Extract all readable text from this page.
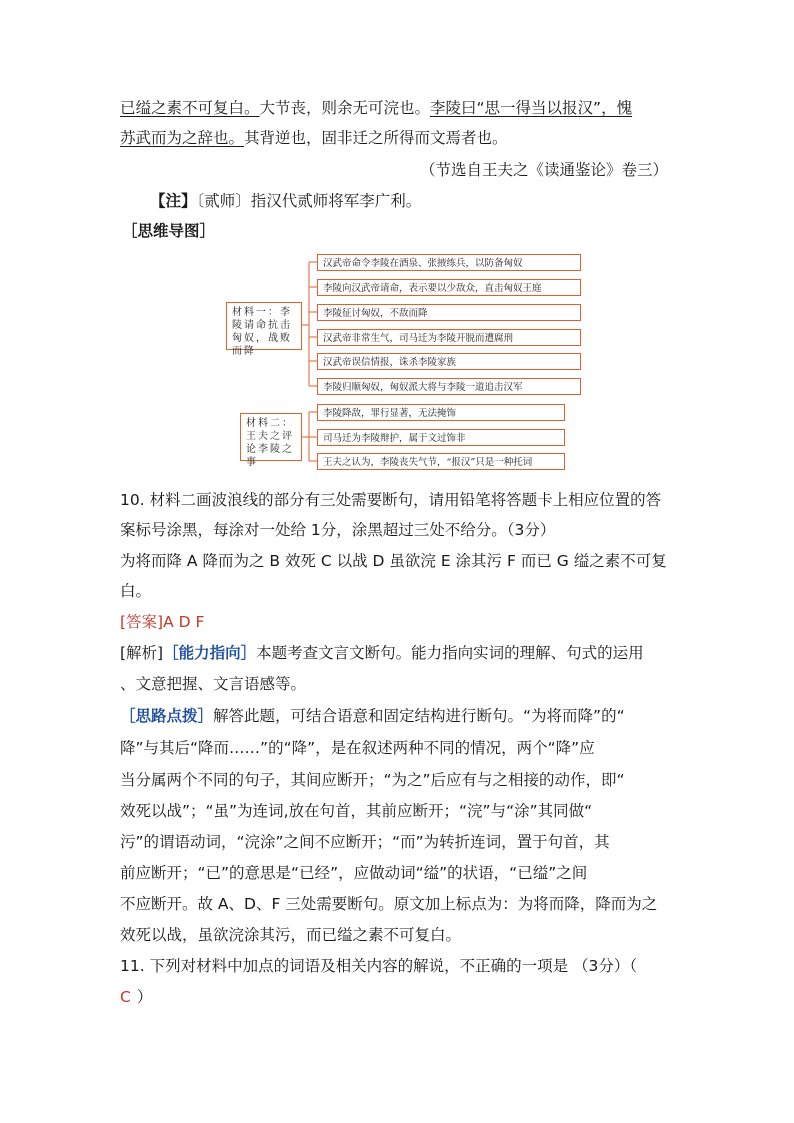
已缢之素不可复白。大节丧，则余无可浣也。李陵曰“思一得当以报汉”，愧
苏武而为之辞也。其背逆也，固非迁之所得而文焉者也。
（节选自王夫之《读通鉴论》卷三）
【注】〔贰师〕指汉代贰师将军李广利。
［思维导图］
材料一：李陵请命抗击匈奴，战败而降
汉武帝命令李陵在酒泉、张掖练兵，以防备匈奴
李陵向汉武帝请命，表示要以少敌众，直击匈奴王庭
李陵征讨匈奴，不敌而降
汉武帝非常生气，司马迁为李陵开脱而遭腐刑
汉武帝误信情报，诛杀李陵家族
李陵归顺匈奴，匈奴派大将与李陵一道追击汉军
材料二：王夫之评论李陵之事
李陵降敌，罪行显著，无法掩饰
司马迁为李陵辩护，属于文过饰非
王夫之认为，李陵丧失气节，“报汉”只是一种托词
10. 材料二画波浪线的部分有三处需要断句，请用铅笔将答题卡上相应位置的答
案标号涂黑，每涂对一处给 1分，涂黑超过三处不给分。（3分）
为将而降 A 降而为之 B 效死 C 以战 D 虽欲浣 E 涂其污 F 而已 G 缢之素不可复
白。
[答案]A D F
[解析]［能力指向］本题考查文言文断句。能力指向实词的理解、句式的运用
、文意把握、文言语感等。
［思路点拨］解答此题，可结合语意和固定结构进行断句。“为将而降”的“
降”与其后“降而……”的“降”，是在叙述两种不同的情况，两个“降”应
当分属两个不同的句子，其间应断开；“为之”后应有与之相接的动作，即“
效死以战”；“虽”为连词,放在句首，其前应断开；“浣”与“涂”其同做“
污”的谓语动词，“浣涂”之间不应断开；“而”为转折连词，置于句首，其
前应断开；“已”的意思是“已经”，应做动词“缢”的状语，“已缢”之间
不应断开。故 A、D、F 三处需要断句。原文加上标点为：为将而降，降而为之
效死以战，虽欲浣涂其污，而已缢之素不可复白。
11. 下列对材料中加点的词语及相关内容的解说，不正确的一项是 （3分）（
C ）
